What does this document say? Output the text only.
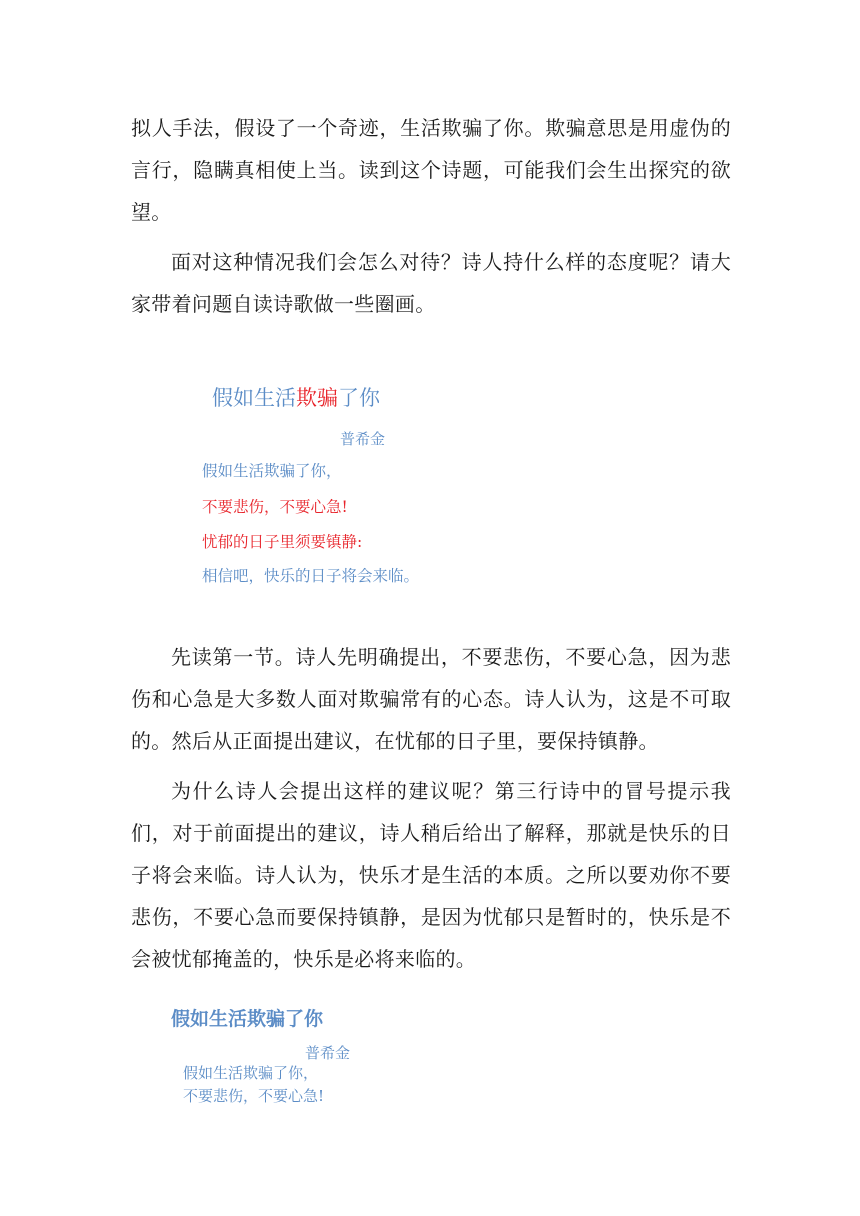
拟人手法，假设了一个奇迹，生活欺骗了你。欺骗意思是用虚伪的言行，隐瞒真相使上当。读到这个诗题，可能我们会生出探究的欲望。

面对这种情况我们会怎么对待？诗人持什么样的态度呢？请大家带着问题自读诗歌做一些圈画。

假如生活欺骗了你
普希金
假如生活欺骗了你，
不要悲伤，不要心急!
忧郁的日子里须要镇静:
相信吧，快乐的日子将会来临。

先读第一节。诗人先明确提出，不要悲伤，不要心急，因为悲伤和心急是大多数人面对欺骗常有的心态。诗人认为，这是不可取的。然后从正面提出建议，在忧郁的日子里，要保持镇静。

为什么诗人会提出这样的建议呢？第三行诗中的冒号提示我们，对于前面提出的建议，诗人稍后给出了解释，那就是快乐的日子将会来临。诗人认为，快乐才是生活的本质。之所以要劝你不要悲伤，不要心急而要保持镇静，是因为忧郁只是暂时的，快乐是不会被忧郁掩盖的，快乐是必将来临的。

假如生活欺骗了你
普希金
假如生活欺骗了你，
不要悲伤，不要心急!
